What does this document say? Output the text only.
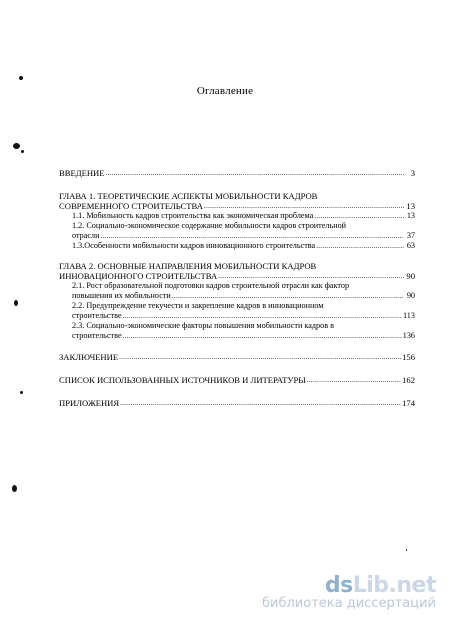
Оглавление
ВВЕДЕНИЕ .....	3
ГЛАВА 1. ТЕОРЕТИЧЕСКИЕ АСПЕКТЫ МОБИЛЬНОСТИ КАДРОВ
СОВРЕМЕННОГО СТРОИТЕЛЬСТВА .....	13
1.1. Мобильность кадров строительства как экономическая проблема .....	13
1.2. Социально-экономическое содержание мобильности кадров строительной
отрасли .....	37
1.3.Особенности мобильности кадров инновационного строительства .....	63
ГЛАВА 2. ОСНОВНЫЕ НАПРАВЛЕНИЯ МОБИЛЬНОСТИ КАДРОВ
ИННОВАЦИОННОГО СТРОИТЕЛЬСТВА .....	90
2.1. Рост образовательной подготовки кадров строительной отрасли как фактор
повышения их мобильности .....	90
2.2. Предупреждение текучести и закрепление кадров в инновационном
строительстве .....	113
2.3. Социально-экономические факторы повышения мобильности кадров в
строительстве .....	136
ЗАКЛЮЧЕНИЕ .....	156
СПИСОК ИСПОЛЬЗОВАННЫХ ИСТОЧНИКОВ И ЛИТЕРАТУРЫ .....	162
ПРИЛОЖЕНИЯ .....	174
dsLib.net
библиотека диссертаций
